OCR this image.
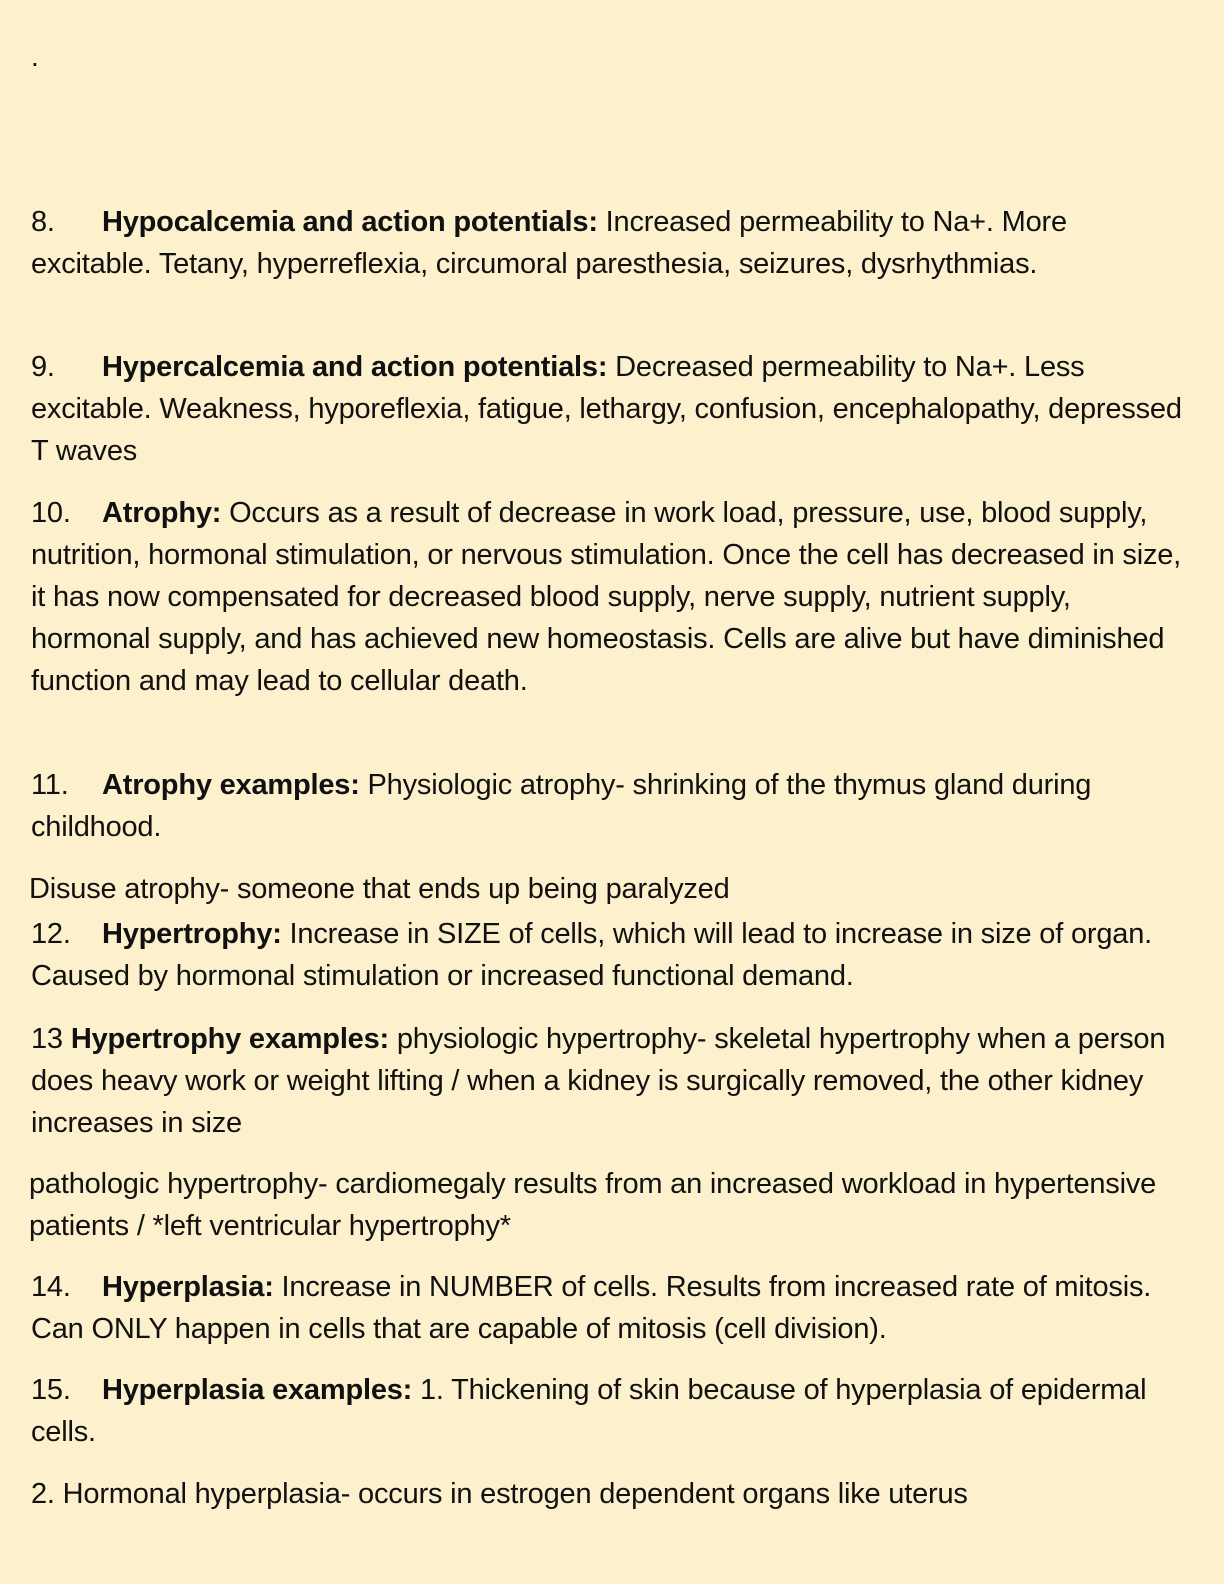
.
8. Hypocalcemia and action potentials: Increased permeability to Na+. More excitable. Tetany, hyperreflexia, circumoral paresthesia, seizures, dysrhythmias.
9. Hypercalcemia and action potentials: Decreased permeability to Na+. Less excitable. Weakness, hyporeflexia, fatigue, lethargy, confusion, encephalopathy, depressed T waves
10. Atrophy: Occurs as a result of decrease in work load, pressure, use, blood supply, nutrition, hormonal stimulation, or nervous stimulation. Once the cell has decreased in size, it has now compensated for decreased blood supply, nerve supply, nutrient supply, hormonal supply, and has achieved new homeostasis. Cells are alive but have diminished function and may lead to cellular death.
11. Atrophy examples: Physiologic atrophy- shrinking of the thymus gland during childhood.
Disuse atrophy- someone that ends up being paralyzed
12. Hypertrophy: Increase in SIZE of cells, which will lead to increase in size of organ. Caused by hormonal stimulation or increased functional demand.
13 Hypertrophy examples: physiologic hypertrophy- skeletal hypertrophy when a person does heavy work or weight lifting / when a kidney is surgically removed, the other kidney increases in size
pathologic hypertrophy- cardiomegaly results from an increased workload in hypertensive patients / *left ventricular hypertrophy*
14. Hyperplasia: Increase in NUMBER of cells. Results from increased rate of mitosis. Can ONLY happen in cells that are capable of mitosis (cell division).
15. Hyperplasia examples: 1. Thickening of skin because of hyperplasia of epidermal cells.
2. Hormonal hyperplasia- occurs in estrogen dependent organs like uterus
